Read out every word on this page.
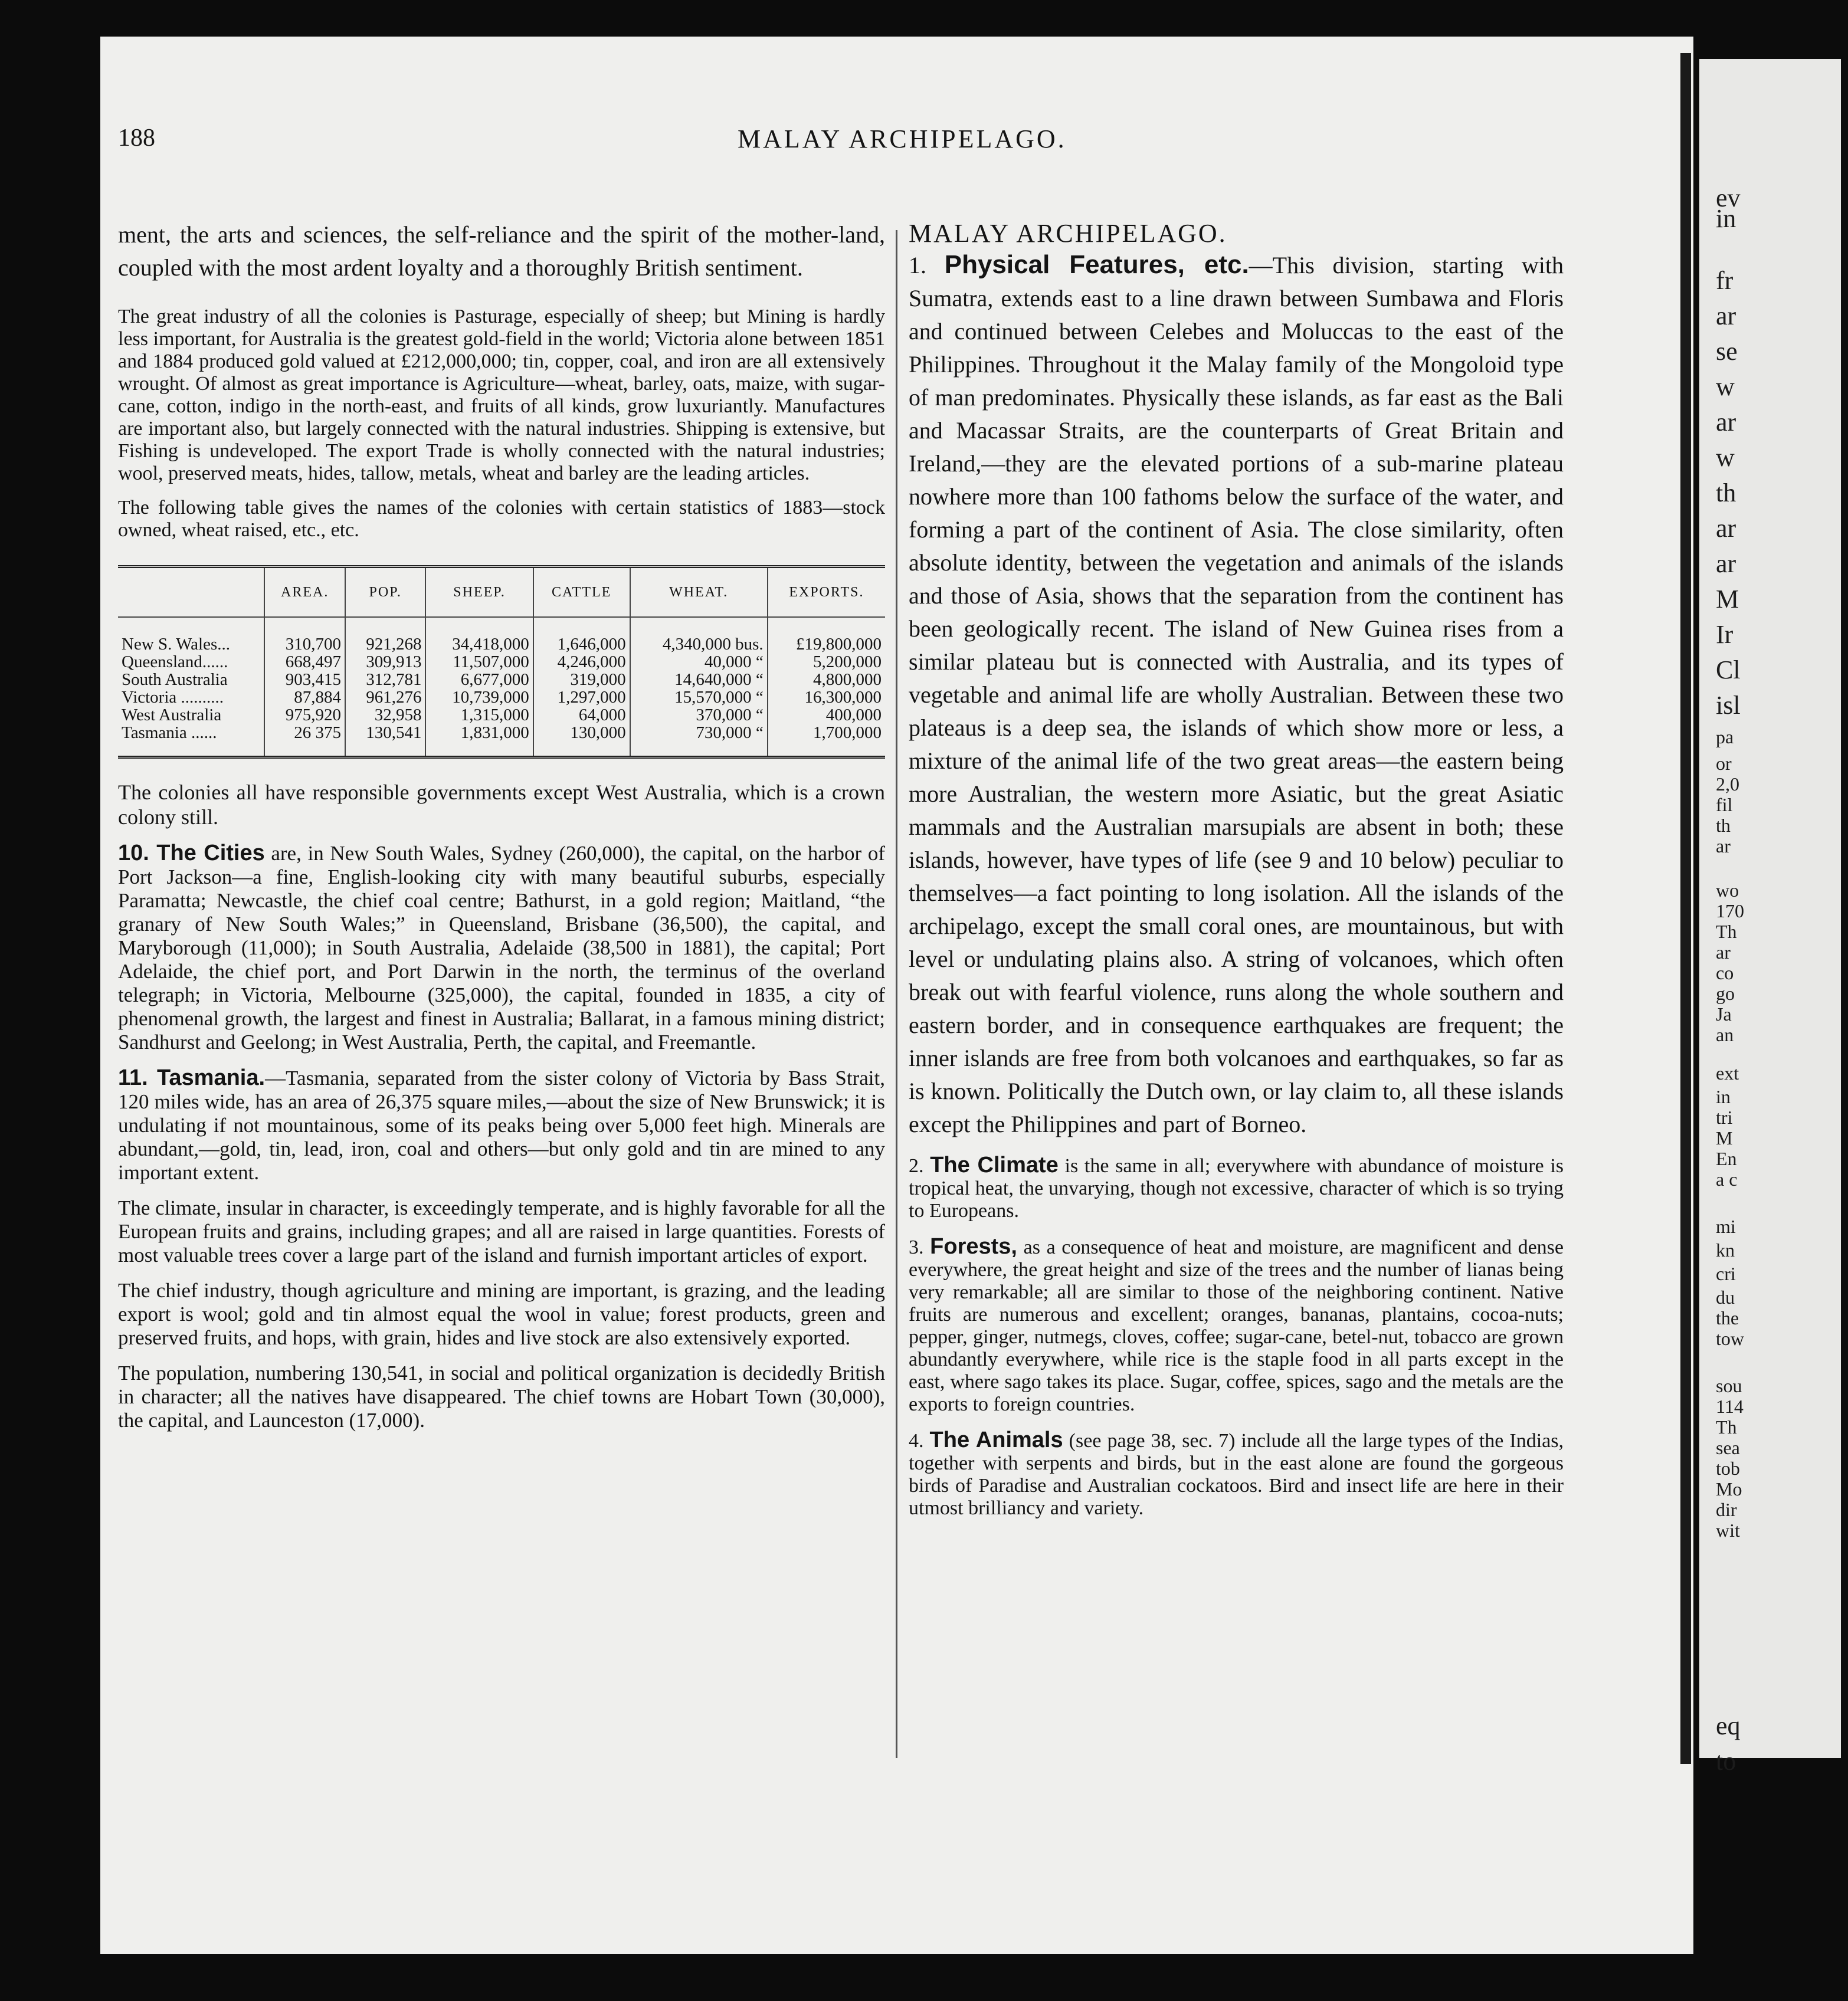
ev
in
fr
ar
se
w
ar
w
th
ar
ar
M
Ir
Cl
isl
pa
or
2,0
fil
th
ar
wo
170
Th
ar
co
go
Ja
an
ext
in
tri
M
En
a c
mi
kn
cri
du
the
tow
sou
114
Th
sea
tob
Mo
dir
wit
eq
to
188	MALAY ARCHIPELAGO.

ment, the arts and sciences, the self-reliance and the spirit of the mother-land, coupled with the most ardent loyalty and a thoroughly British sentiment.

The great industry of all the colonies is Pasturage, especially of sheep; but Mining is hardly less important, for Australia is the greatest gold-field in the world; Victoria alone between 1851 and 1884 produced gold valued at £212,000,000; tin, copper, coal, and iron are all extensively wrought. Of almost as great importance is Agriculture—wheat, barley, oats, maize, with sugar-cane, cotton, indigo in the north-east, and fruits of all kinds, grow luxuriantly. Manufactures are important also, but largely connected with the natural industries. Shipping is extensive, but Fishing is undeveloped. The export Trade is wholly connected with the natural industries; wool, preserved meats, hides, tallow, metals, wheat and barley are the leading articles.

The following table gives the names of the colonies with certain statistics of 1883—stock owned, wheat raised, etc., etc.

	AREA.	POP.	SHEEP.	CATTLE	WHEAT.	EXPORTS.
New S. Wales...	310,700	921,268	34,418,000	1,646,000	4,340,000 bus.	£19,800,000
Queensland......	668,497	309,913	11,507,000	4,246,000	40,000 “	5,200,000
South Australia	903,415	312,781	6,677,000	319,000	14,640,000 “	4,800,000
Victoria ..........	87,884	961,276	10,739,000	1,297,000	15,570,000 “	16,300,000
West Australia	975,920	32,958	1,315,000	64,000	370,000 “	400,000
Tasmania ......	26 375	130,541	1,831,000	130,000	730,000 “	1,700,000

The colonies all have responsible governments except West Australia, which is a crown colony still.

10. The Cities are, in New South Wales, Sydney (260,000), the capital, on the harbor of Port Jackson—a fine, English-looking city with many beautiful suburbs, especially Paramatta; Newcastle, the chief coal centre; Bathurst, in a gold region; Maitland, “the granary of New South Wales;” in Queensland, Brisbane (36,500), the capital, and Maryborough (11,000); in South Australia, Adelaide (38,500 in 1881), the capital; Port Adelaide, the chief port, and Port Darwin in the north, the terminus of the overland telegraph; in Victoria, Melbourne (325,000), the capital, founded in 1835, a city of phenomenal growth, the largest and finest in Australia; Ballarat, in a famous mining district; Sandhurst and Geelong; in West Australia, Perth, the capital, and Freemantle.

11. Tasmania.—Tasmania, separated from the sister colony of Victoria by Bass Strait, 120 miles wide, has an area of 26,375 square miles,—about the size of New Brunswick; it is undulating if not mountainous, some of its peaks being over 5,000 feet high. Minerals are abundant,—gold, tin, lead, iron, coal and others—but only gold and tin are mined to any important extent.

The climate, insular in character, is exceedingly temperate, and is highly favorable for all the European fruits and grains, including grapes; and all are raised in large quantities. Forests of most valuable trees cover a large part of the island and furnish important articles of export.

The chief industry, though agriculture and mining are important, is grazing, and the leading export is wool; gold and tin almost equal the wool in value; forest products, green and preserved fruits, and hops, with grain, hides and live stock are also extensively exported.

The population, numbering 130,541, in social and political organization is decidedly British in character; all the natives have disappeared. The chief towns are Hobart Town (30,000), the capital, and Launceston (17,000).

MALAY ARCHIPELAGO.

1. Physical Features, etc.—This division, starting with Sumatra, extends east to a line drawn between Sumbawa and Floris and continued between Celebes and Moluccas to the east of the Philippines. Throughout it the Malay family of the Mongoloid type of man predominates. Physically these islands, as far east as the Bali and Macassar Straits, are the counterparts of Great Britain and Ireland,—they are the elevated portions of a sub-marine plateau nowhere more than 100 fathoms below the surface of the water, and forming a part of the continent of Asia. The close similarity, often absolute identity, between the vegetation and animals of the islands and those of Asia, shows that the separation from the continent has been geologically recent. The island of New Guinea rises from a similar plateau but is connected with Australia, and its types of vegetable and animal life are wholly Australian. Between these two plateaus is a deep sea, the islands of which show more or less, a mixture of the animal life of the two great areas—the eastern being more Australian, the western more Asiatic, but the great Asiatic mammals and the Australian marsupials are absent in both; these islands, however, have types of life (see 9 and 10 below) peculiar to themselves—a fact pointing to long isolation. All the islands of the archipelago, except the small coral ones, are mountainous, but with level or undulating plains also. A string of volcanoes, which often break out with fearful violence, runs along the whole southern and eastern border, and in consequence earthquakes are frequent; the inner islands are free from both volcanoes and earthquakes, so far as is known. Politically the Dutch own, or lay claim to, all these islands except the Philippines and part of Borneo.

2. The Climate is the same in all; everywhere with abundance of moisture is tropical heat, the unvarying, though not excessive, character of which is so trying to Europeans.

3. Forests, as a consequence of heat and moisture, are magnificent and dense everywhere, the great height and size of the trees and the number of lianas being very remarkable; all are similar to those of the neighboring continent. Native fruits are numerous and excellent; oranges, bananas, plantains, cocoa-nuts; pepper, ginger, nutmegs, cloves, coffee; sugar-cane, betel-nut, tobacco are grown abundantly everywhere, while rice is the staple food in all parts except in the east, where sago takes its place. Sugar, coffee, spices, sago and the metals are the exports to foreign countries.

4. The Animals (see page 38, sec. 7) include all the large types of the Indias, together with serpents and birds, but in the east alone are found the gorgeous birds of Paradise and Australian cockatoos. Bird and insect life are here in their utmost brilliancy and variety.
